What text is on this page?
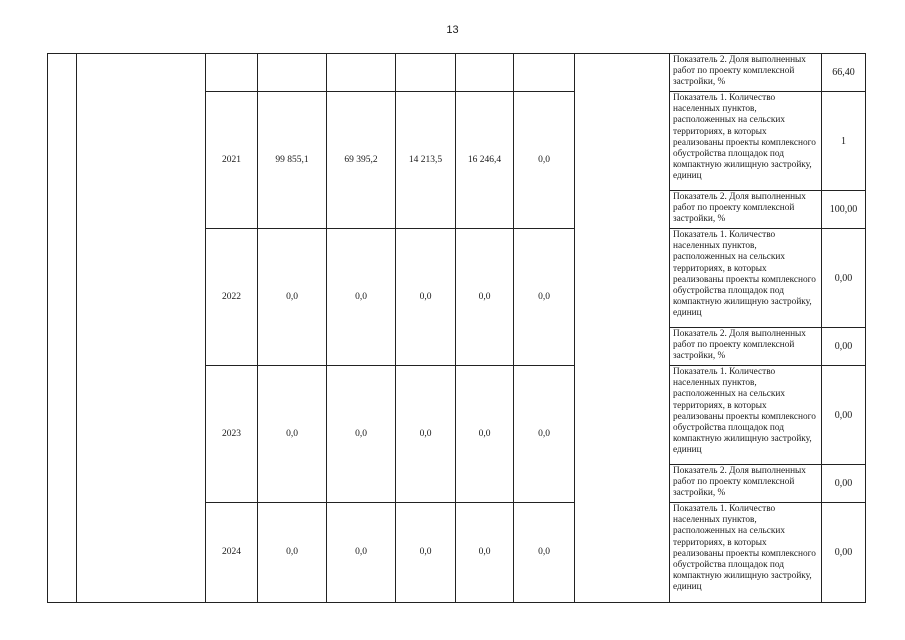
13
									Показатель 2. Доля выполненных работ по проекту комплексной застройки, %	66,40
		2021	99 855,1	69 395,2	14 213,5	16 246,4	0,0		Показатель 1. Количество населенных пунктов, расположенных на сельских территориях, в которых реализованы проекты комплексного обустройства площадок под компактную жилищную застройку, единиц	1
									Показатель 2. Доля выполненных работ по проекту комплексной застройки, %	100,00
		2022	0,0	0,0	0,0	0,0	0,0		Показатель 1. Количество населенных пунктов, расположенных на сельских территориях, в которых реализованы проекты комплексного обустройства площадок под компактную жилищную застройку, единиц	0,00
									Показатель 2. Доля выполненных работ по проекту комплексной застройки, %	0,00
		2023	0,0	0,0	0,0	0,0	0,0		Показатель 1. Количество населенных пунктов, расположенных на сельских территориях, в которых реализованы проекты комплексного обустройства площадок под компактную жилищную застройку, единиц	0,00
									Показатель 2. Доля выполненных работ по проекту комплексной застройки, %	0,00
		2024	0,0	0,0	0,0	0,0	0,0		Показатель 1. Количество населенных пунктов, расположенных на сельских территориях, в которых реализованы проекты комплексного обустройства площадок под компактную жилищную застройку, единиц	0,00
